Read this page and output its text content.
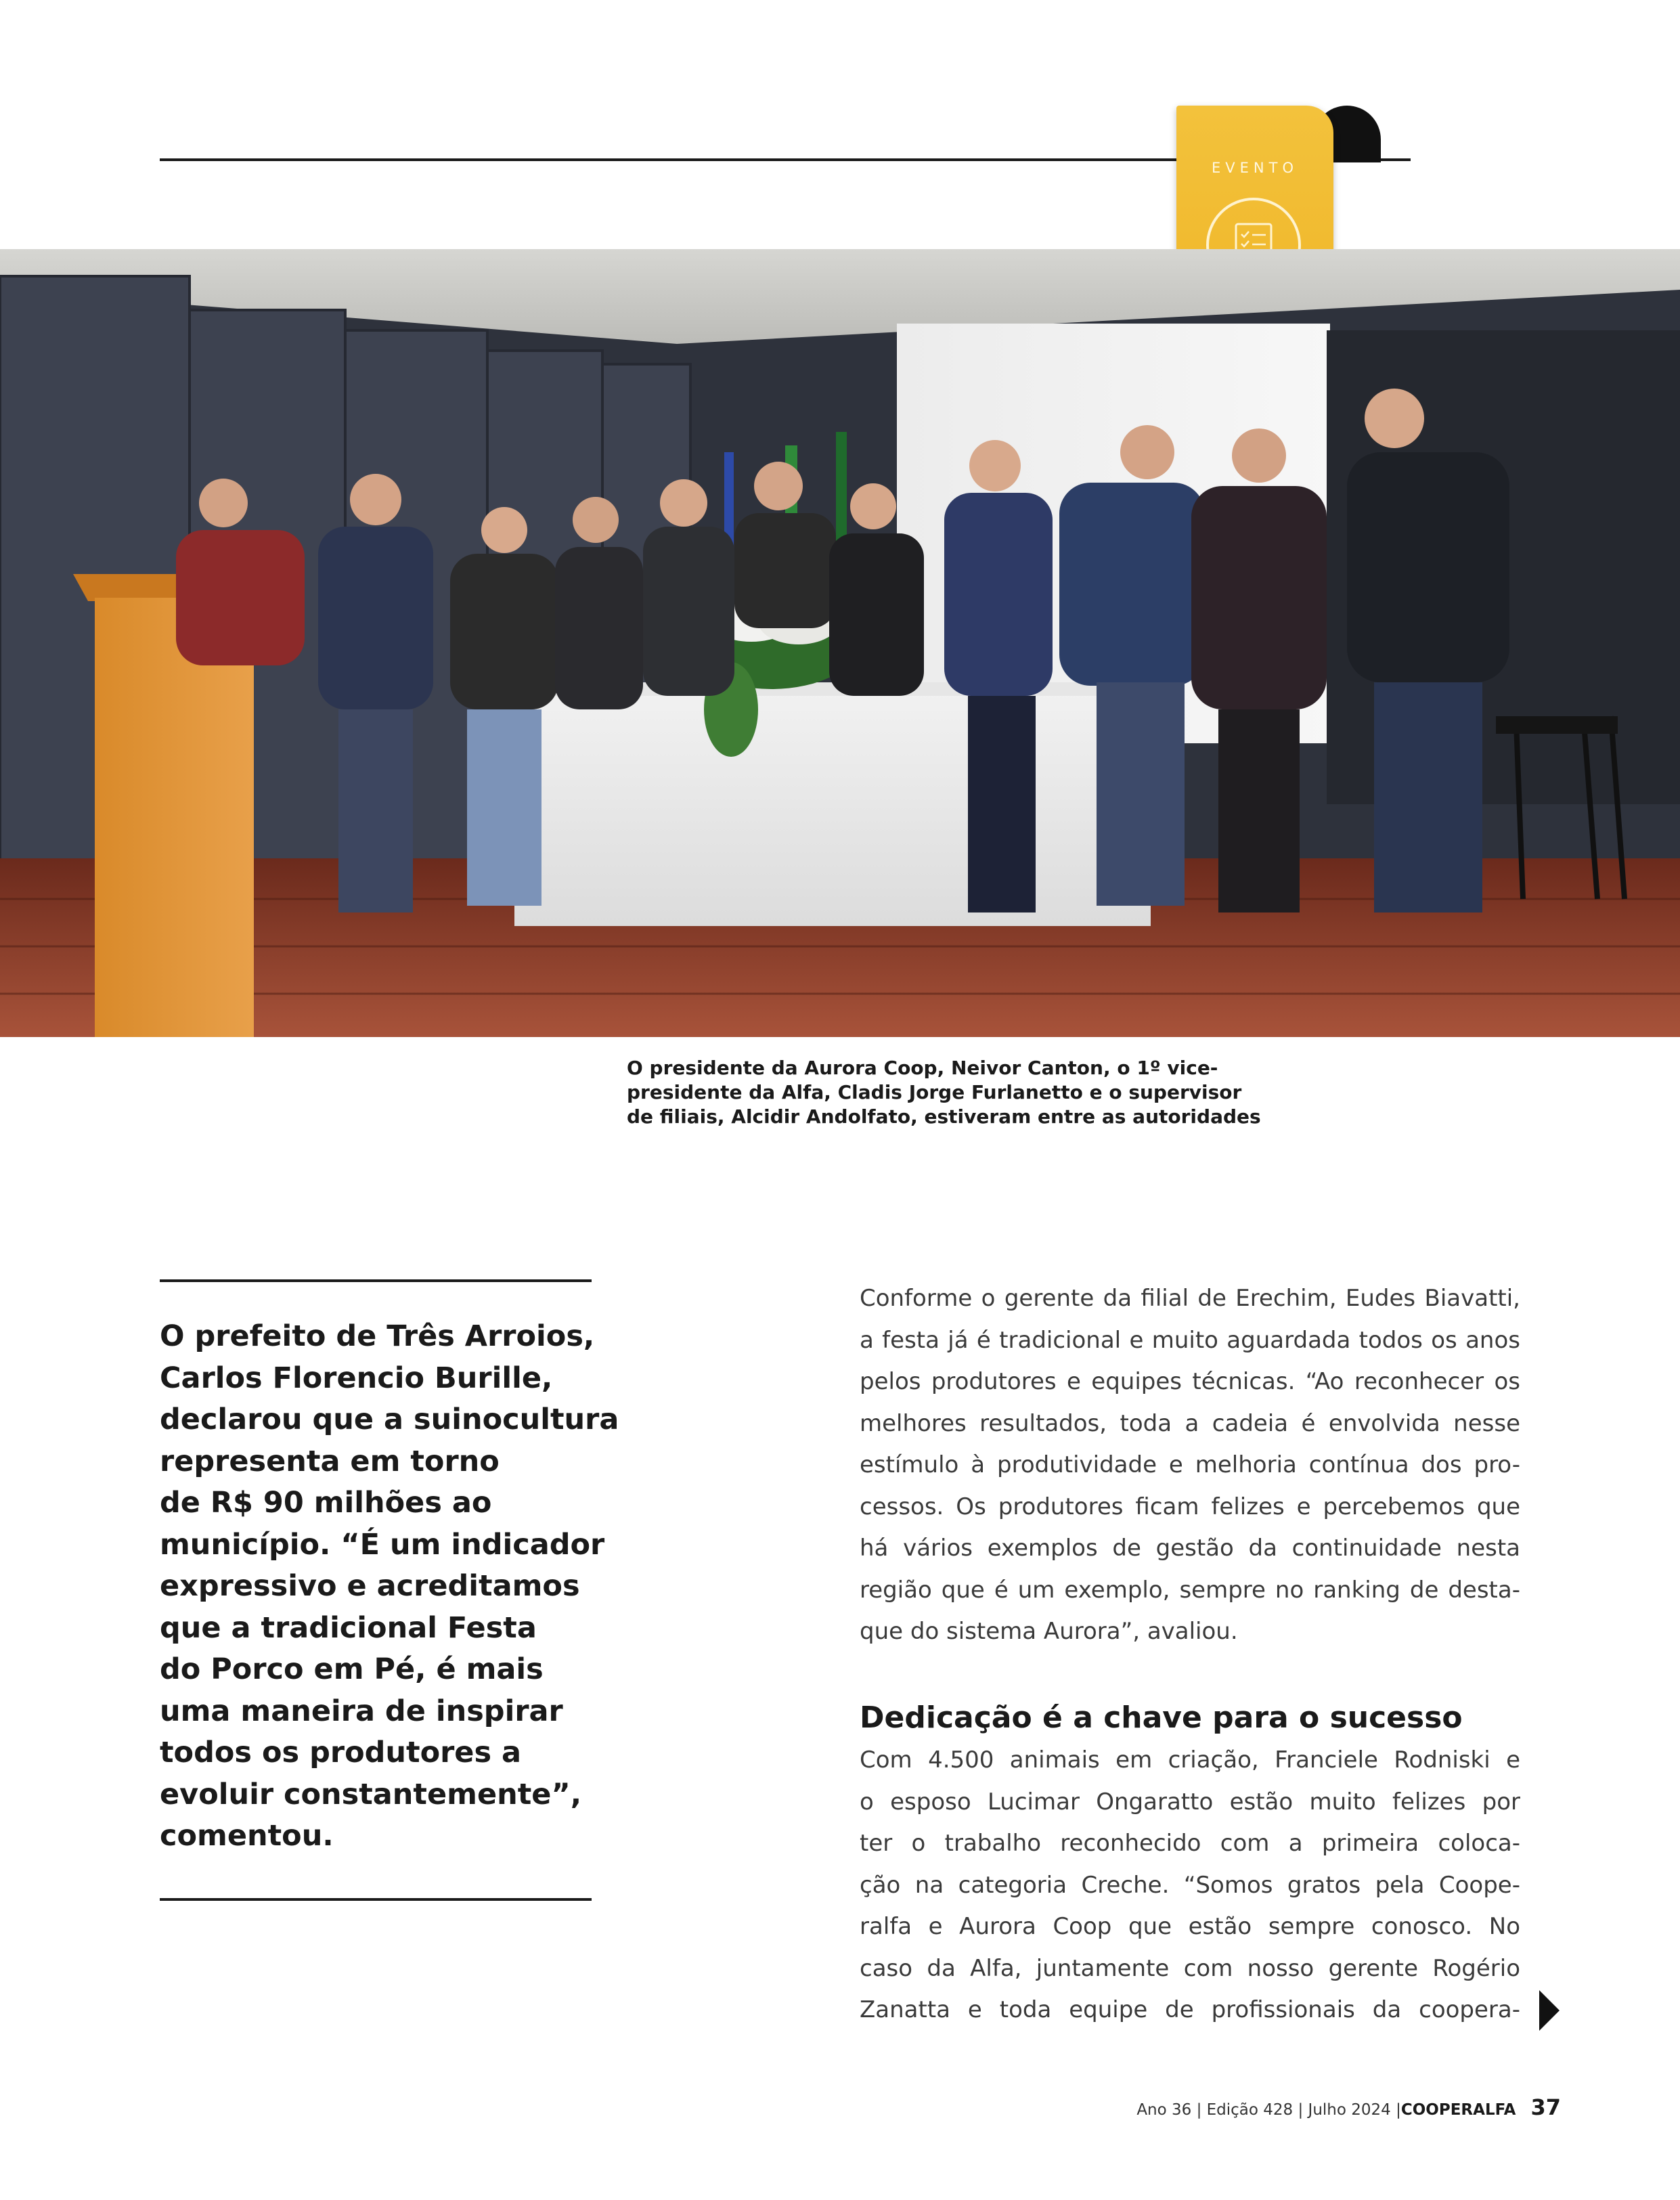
EVENTO
O presidente da Aurora Coop, Neivor Canton, o 1º vice-
presidente da Alfa, Cladis Jorge Furlanetto e o supervisor
de filiais, Alcidir Andolfato, estiveram entre as autoridades
O prefeito de Três Arroios,
Carlos Florencio Burille,
declarou que a suinocultura
representa em torno
de R$ 90 milhões ao
município. “É um indicador
expressivo e acreditamos
que a tradicional Festa
do Porco em Pé, é mais
uma maneira de inspirar
todos os produtores a
evoluir constantemente”,
comentou.
Conforme o gerente da filial de Erechim, Eudes Biavatti,
a festa já é tradicional e muito aguardada todos os anos
pelos produtores e equipes técnicas. “Ao reconhecer os
melhores resultados, toda a cadeia é envolvida nesse
estímulo à produtividade e melhoria contínua dos pro-
cessos. Os produtores ficam felizes e percebemos que
há vários exemplos de gestão da continuidade nesta
região que é um exemplo, sempre no ranking de desta-
que do sistema Aurora”, avaliou.
Dedicação é a chave para o sucesso
Com 4.500 animais em criação, Franciele Rodniski e
o esposo Lucimar Ongaratto estão muito felizes por
ter o trabalho reconhecido com a primeira coloca-
ção na categoria Creche. “Somos gratos pela Coope-
ralfa e Aurora Coop que estão sempre conosco. No
caso da Alfa, juntamente com nosso gerente Rogério
Zanatta e toda equipe de profissionais da coopera-
Ano 36 | Edição 428 | Julho 2024 | COOPERALFA 37
